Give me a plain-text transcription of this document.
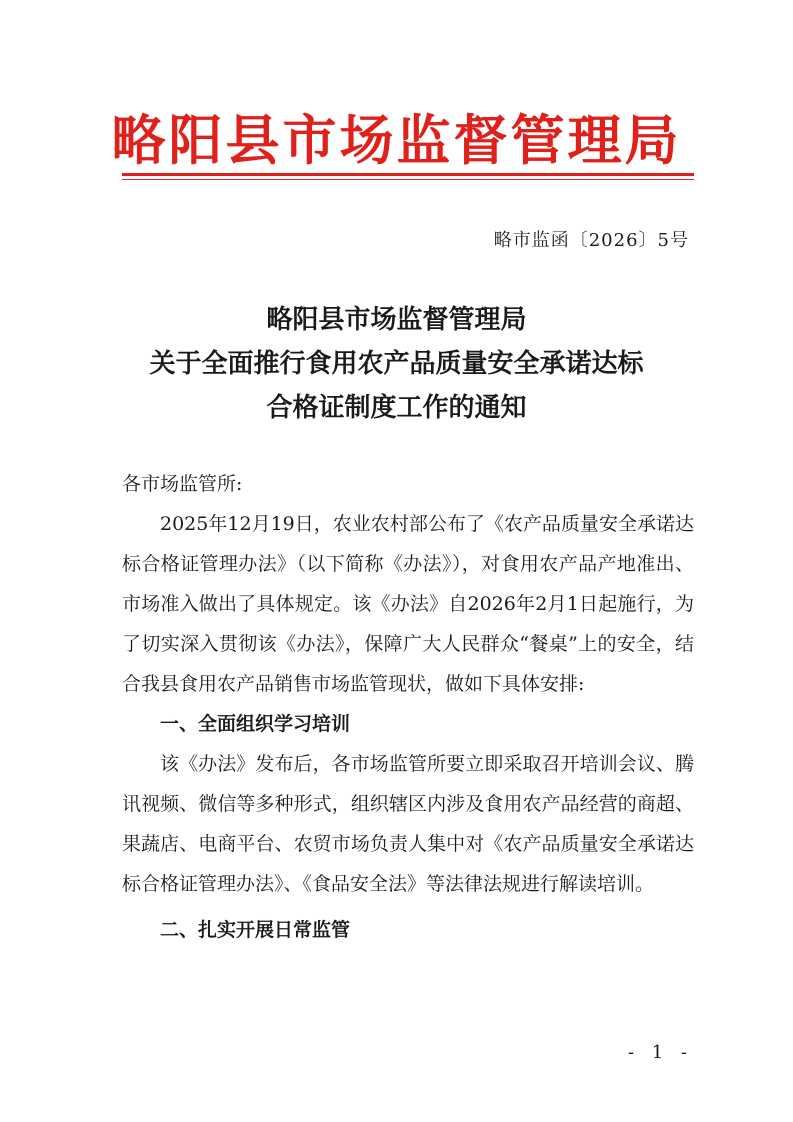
略阳县市场监督管理局
略市监函〔2026〕5号
略阳县市场监督管理局
关于全面推行食用农产品质量安全承诺达标
合格证制度工作的通知

各市场监管所:

2025年12月19日，农业农村部公布了《农产品质量安全承诺达标合格证管理办法》（以下简称《办法》），对食用农产品产地准出、市场准入做出了具体规定。该《办法》自2026年2月1日起施行，为了切实深入贯彻该《办法》，保障广大人民群众“餐桌”上的安全，结合我县食用农产品销售市场监管现状，做如下具体安排:

一、全面组织学习培训

该《办法》发布后，各市场监管所要立即采取召开培训会议、腾讯视频、微信等多种形式，组织辖区内涉及食用农产品经营的商超、果蔬店、电商平台、农贸市场负责人集中对《农产品质量安全承诺达标合格证管理办法》、《食品安全法》等法律法规进行解读培训。

二、扎实开展日常监管
- 1 -
